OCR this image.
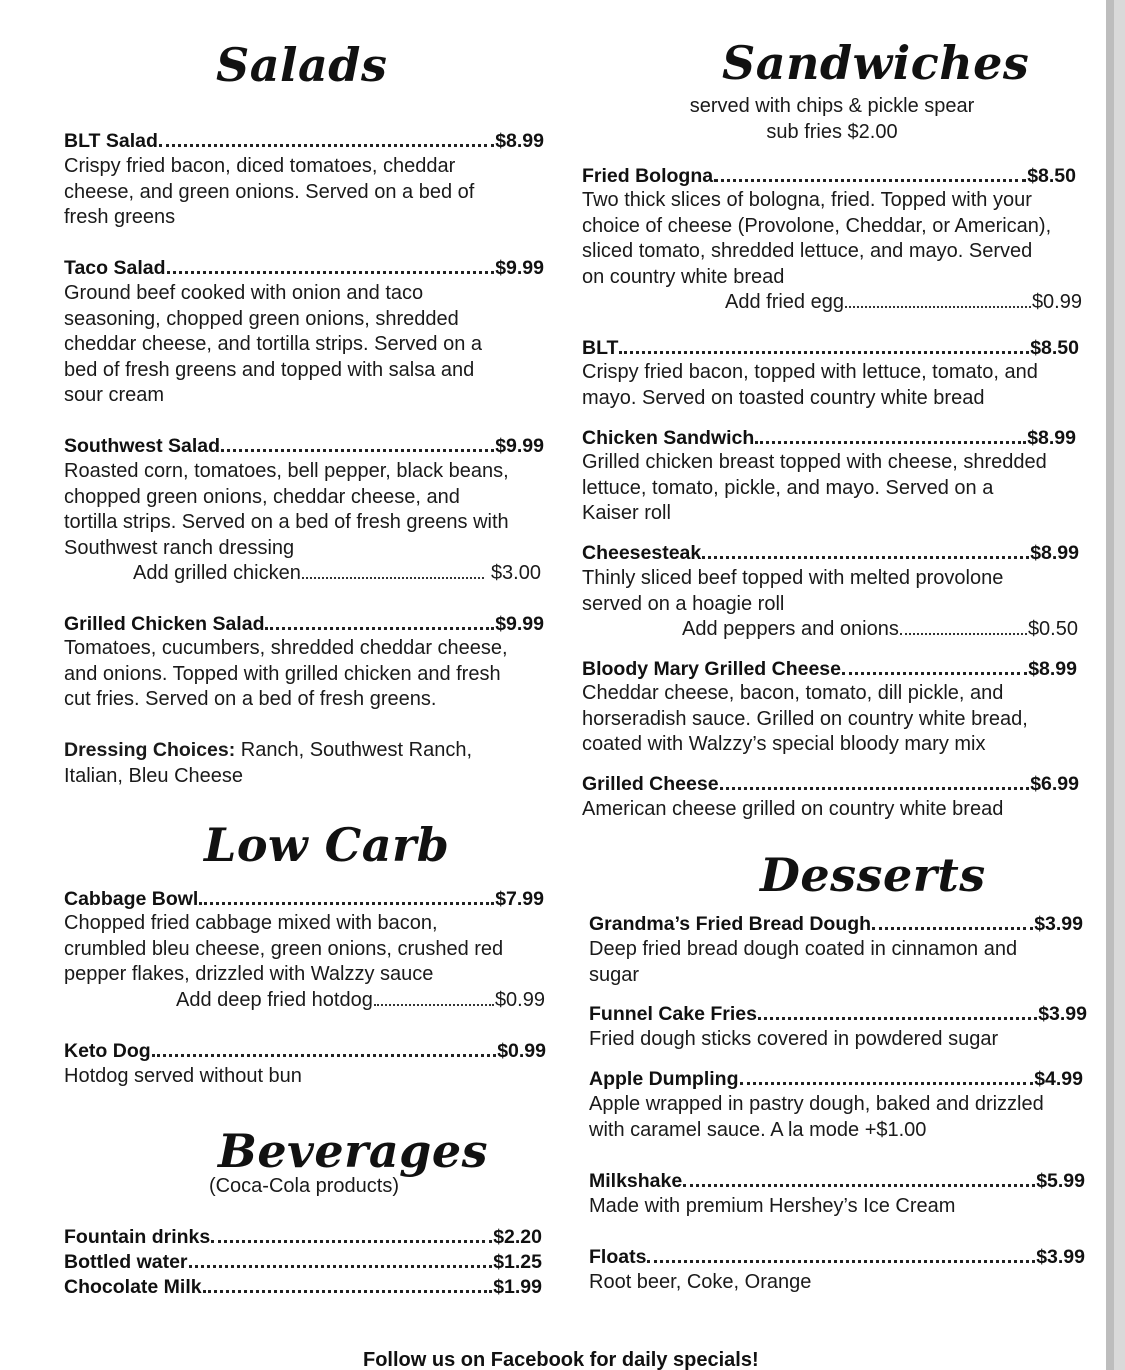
Salads
BLT Salad	$8.99
Crispy fried bacon, diced tomatoes, cheddar
cheese, and green onions. Served on a bed of
fresh greens
Taco Salad	$9.99
Ground beef cooked with onion and taco
seasoning, chopped green onions, shredded
cheddar cheese, and tortilla strips. Served on a
bed of fresh greens and topped with salsa and
sour cream
Southwest Salad	$9.99
Roasted corn, tomatoes, bell pepper, black beans,
chopped green onions, cheddar cheese, and
tortilla strips. Served on a bed of fresh greens with
Southwest ranch dressing
Add grilled chicken	$3.00
Grilled Chicken Salad	$9.99
Tomatoes, cucumbers, shredded cheddar cheese,
and onions. Topped with grilled chicken and fresh
cut fries. Served on a bed of fresh greens.
Dressing Choices: Ranch, Southwest Ranch,
Italian, Bleu Cheese
Low Carb
Cabbage Bowl	$7.99
Chopped fried cabbage mixed with bacon,
crumbled bleu cheese, green onions, crushed red
pepper flakes, drizzled with Walzzy sauce
Add deep fried hotdog	$0.99
Keto Dog	$0.99
Hotdog served without bun
Beverages
(Coca-Cola products)
Fountain drinks	$2.20
Bottled water	$1.25
Chocolate Milk	$1.99
Sandwiches
served with chips & pickle spear
sub fries $2.00
Fried Bologna	$8.50
Two thick slices of bologna, fried. Topped with your
choice of cheese (Provolone, Cheddar, or American),
sliced tomato, shredded lettuce, and mayo. Served
on country white bread
Add fried egg	$0.99
BLT	$8.50
Crispy fried bacon, topped with lettuce, tomato, and
mayo. Served on toasted country white bread
Chicken Sandwich	$8.99
Grilled chicken breast topped with cheese, shredded
lettuce, tomato, pickle, and mayo. Served on a
Kaiser roll
Cheesesteak	$8.99
Thinly sliced beef topped with melted provolone
served on a hoagie roll
Add peppers and onions	$0.50
Bloody Mary Grilled Cheese	$8.99
Cheddar cheese, bacon, tomato, dill pickle, and
horseradish sauce. Grilled on country white bread,
coated with Walzzy’s special bloody mary mix
Grilled Cheese	$6.99
American cheese grilled on country white bread
Desserts
Grandma’s Fried Bread Dough	$3.99
Deep fried bread dough coated in cinnamon and
sugar
Funnel Cake Fries	$3.99
Fried dough sticks covered in powdered sugar
Apple Dumpling	$4.99
Apple wrapped in pastry dough, baked and drizzled
with caramel sauce. A la mode +$1.00
Milkshake	$5.99
Made with premium Hershey’s Ice Cream
Floats	$3.99
Root beer, Coke, Orange
Follow us on Facebook for daily specials!
